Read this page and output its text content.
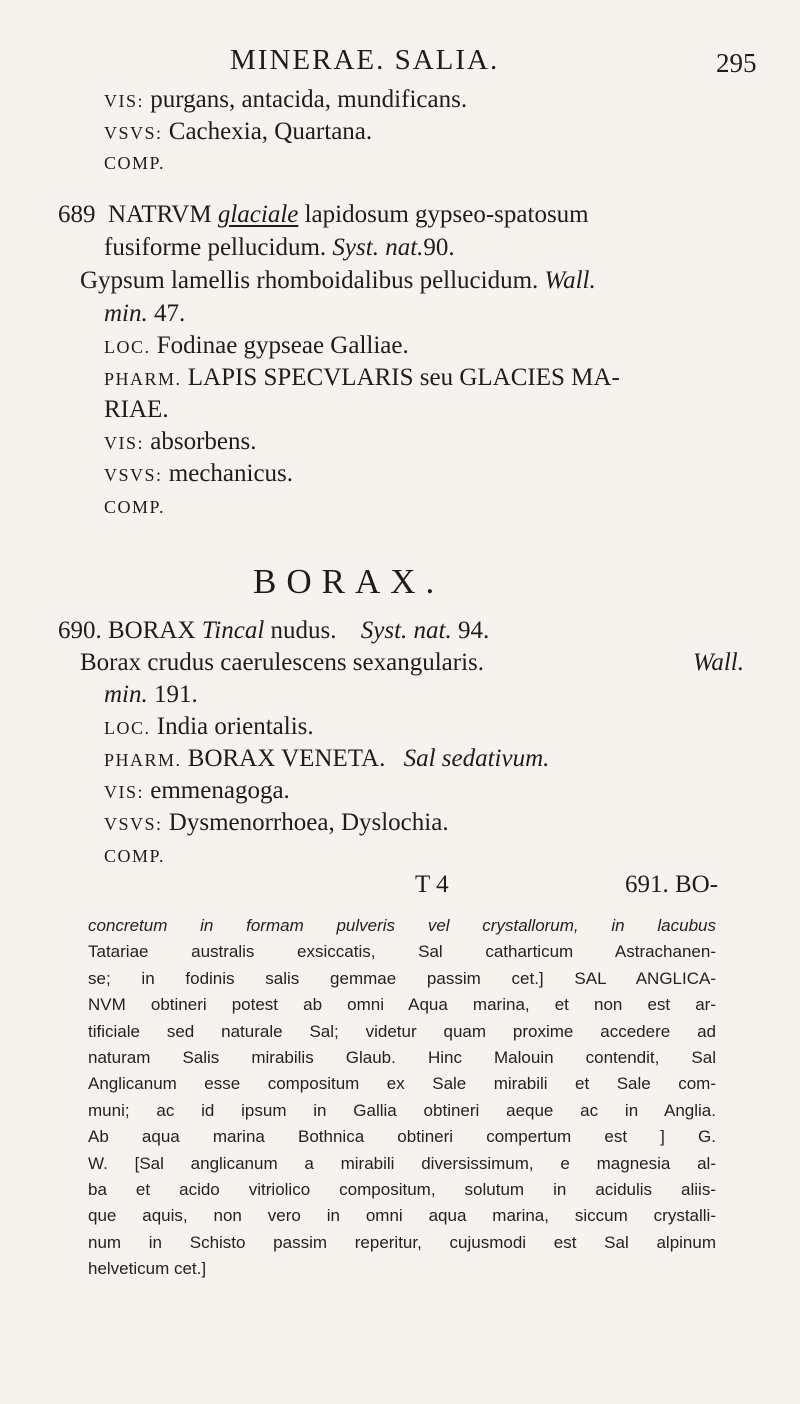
MINERAE. SALIA.	295
VIS: purgans, antacida, mundificans.
VSVS: Cachexia, Quartana.
COMP.
689 NATRVM glaciale lapidosum gypseo-spatosum
fusiforme pellucidum. Syst. nat.90.
Gypsum lamellis rhomboidalibus pellucidum. Wall.
min. 47.
LOC. Fodinae gypseae Galliae.
PHARM. LAPIS SPECVLARIS seu GLACIES MA-
RIAE.
VIS: absorbens.
VSVS: mechanicus.
COMP.
BORAX.
690. BORAX Tincal nudus. Syst. nat. 94.
Borax crudus caerulescens sexangularis.	Wall.
min. 191.
LOC. India orientalis.
PHARM. BORAX VENETA. Sal sedativum.
VIS: emmenagoga.
VSVS: Dysmenorrhoea, Dyslochia.
COMP.
T 4	691. BO-
concretum in formam pulveris vel crystallorum, in lacubus
Tatariae australis exsiccatis, Sal catharticum Astrachanen-
se; in fodinis salis gemmae passim cet.] SAL ANGLICA-
NVM obtineri potest ab omni Aqua marina, et non est ar-
tificiale sed naturale Sal; videtur quam proxime accedere ad
naturam Salis mirabilis Glaub. Hinc Malouin contendit, Sal
Anglicanum esse compositum ex Sale mirabili et Sale com-
muni; ac id ipsum in Gallia obtineri aeque ac in Anglia.
Ab aqua marina Bothnica obtineri compertum est ] G.
W. [Sal anglicanum a mirabili diversissimum, e magnesia al-
ba et acido vitriolico compositum, solutum in acidulis aliis-
que aquis, non vero in omni aqua marina, siccum crystalli-
num in Schisto passim reperitur, cujusmodi est Sal alpinum
helveticum cet.]
